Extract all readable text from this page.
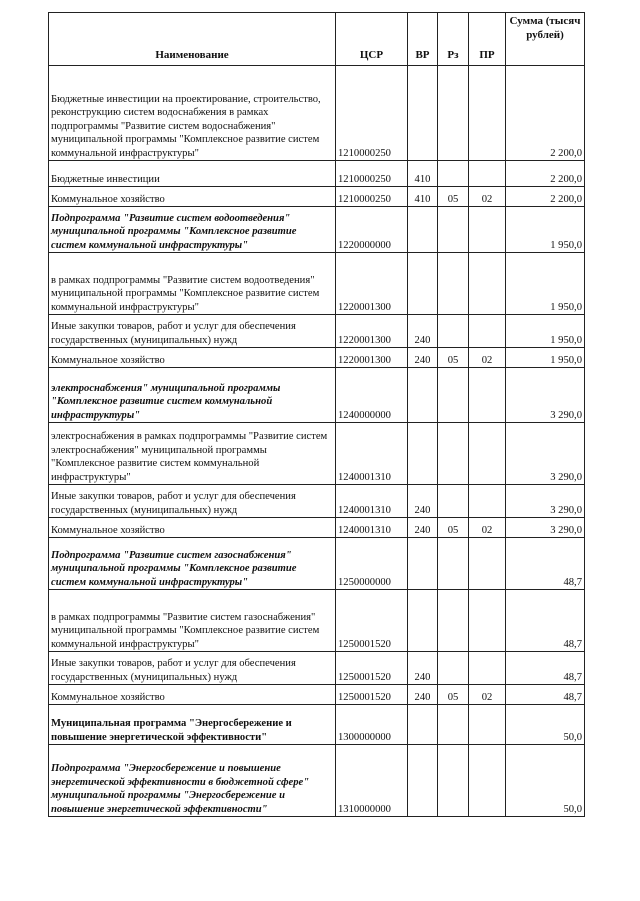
Наименование	ЦСР	ВР	Рз	ПР	Сумма (тысяч рублей)
Бюджетные инвестиции на проектирование, строительство, реконструкцию систем водоснабжения в рамках подпрограммы "Развитие систем водоснабжения" муниципальной программы "Комплексное развитие систем коммунальной инфраструктуры"	1210000250				2 200,0
Бюджетные инвестиции	1210000250	410			2 200,0
Коммунальное хозяйство	1210000250	410	05	02	2 200,0
Подпрограмма "Развитие систем водоотведения" муниципальной программы "Комплексное развитие систем коммунальной инфраструктуры"	1220000000				1 950,0
в рамках подпрограммы "Развитие систем водоотведения" муниципальной программы "Комплексное развитие систем коммунальной инфраструктуры"	1220001300				1 950,0
Иные закупки товаров, работ и услуг для обеспечения государственных (муниципальных) нужд	1220001300	240			1 950,0
Коммунальное хозяйство	1220001300	240	05	02	1 950,0
электроснабжения" муниципальной программы "Комплексное развитие систем коммунальной инфраструктуры"	1240000000				3 290,0
электроснабжения в рамках подпрограммы "Развитие систем электроснабжения" муниципальной программы "Комплексное развитие систем коммунальной инфраструктуры"	1240001310				3 290,0
Иные закупки товаров, работ и услуг для обеспечения государственных (муниципальных) нужд	1240001310	240			3 290,0
Коммунальное хозяйство	1240001310	240	05	02	3 290,0
Подпрограмма "Развитие систем газоснабжения" муниципальной программы "Комплексное развитие систем коммунальной инфраструктуры"	1250000000				48,7
в рамках подпрограммы "Развитие систем газоснабжения" муниципальной программы "Комплексное развитие систем коммунальной инфраструктуры"	1250001520				48,7
Иные закупки товаров, работ и услуг для обеспечения государственных (муниципальных) нужд	1250001520	240			48,7
Коммунальное хозяйство	1250001520	240	05	02	48,7
Муниципальная программа "Энергосбережение и повышение энергетической эффективности"	1300000000				50,0
Подпрограмма "Энергосбережение и повышение энергетической эффективности в бюджетной сфере" муниципальной программы "Энергосбережение и повышение энергетической эффективности"	1310000000				50,0
